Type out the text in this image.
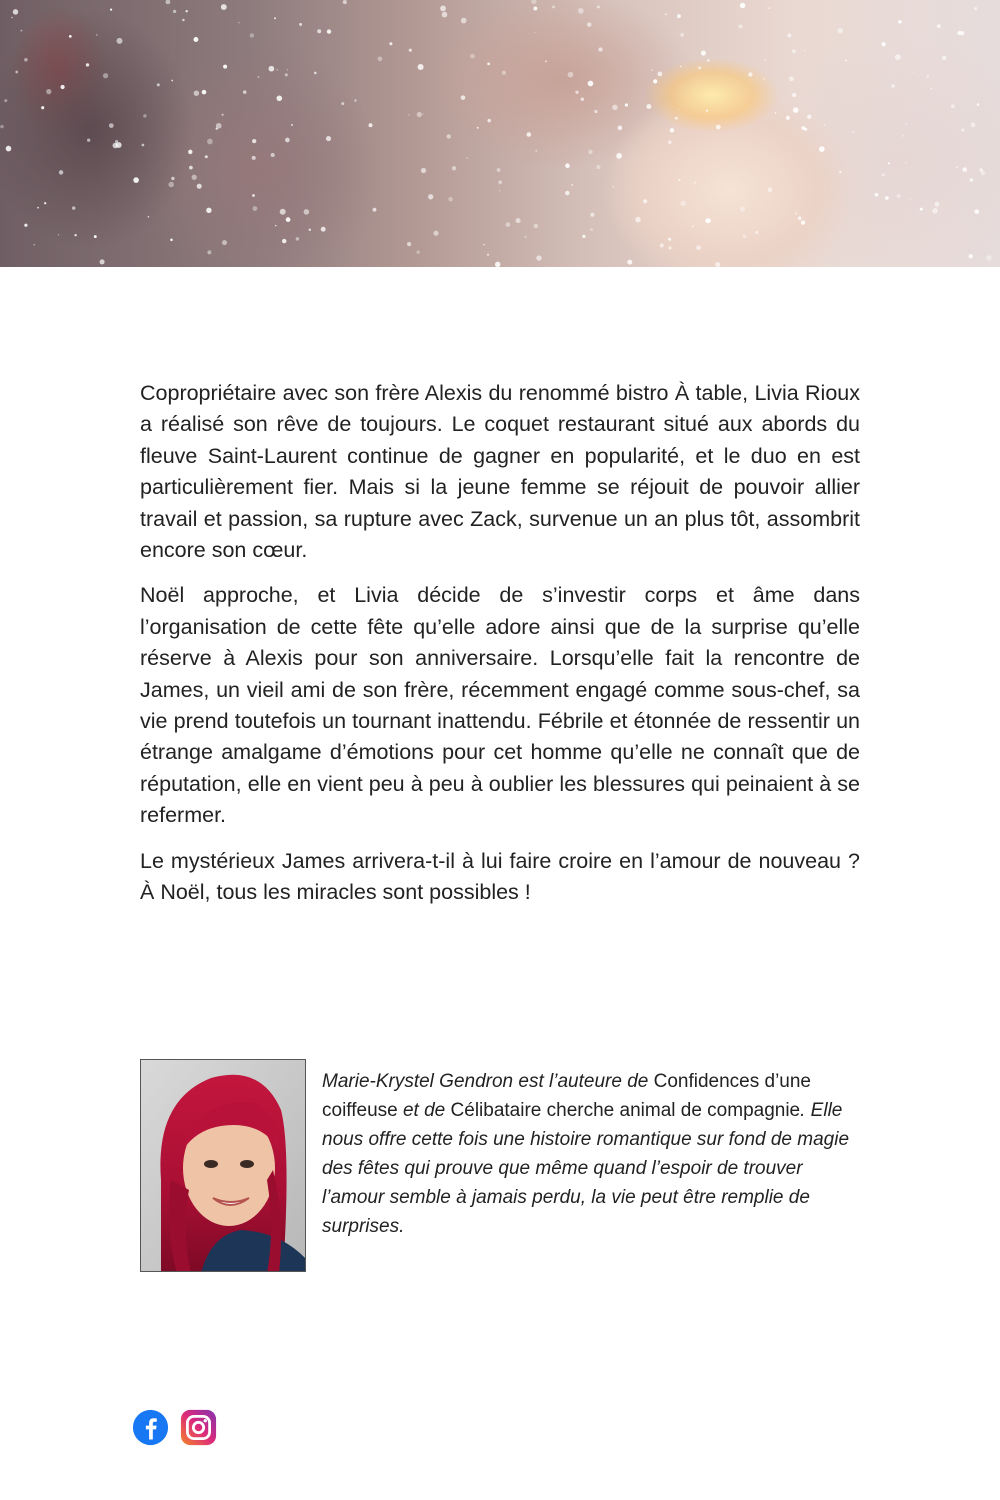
Copropriétaire avec son frère Alexis du renommé bistro À table, Livia Rioux a réalisé son rêve de toujours. Le coquet restaurant situé aux abords du fleuve Saint-Laurent continue de gagner en popularité, et le duo en est particulièrement fier. Mais si la jeune femme se réjouit de pouvoir allier travail et passion, sa rupture avec Zack, survenue un an plus tôt, assombrit encore son cœur.

Noël approche, et Livia décide de s’investir corps et âme dans l’organisation de cette fête qu’elle adore ainsi que de la surprise qu’elle réserve à Alexis pour son anniversaire. Lorsqu’elle fait la rencontre de James, un vieil ami de son frère, récemment engagé comme sous-chef, sa vie prend toutefois un tournant inattendu. Fébrile et étonnée de ressentir un étrange amalgame d’émotions pour cet homme qu’elle ne connaît que de réputation, elle en vient peu à peu à oublier les blessures qui peinaient à se refermer.

Le mystérieux James arrivera-t-il à lui faire croire en l’amour de nouveau ? À Noël, tous les miracles sont possibles !

Marie-Krystel Gendron est l’auteure de Confidences d’une coiffeuse et de Célibataire cherche animal de compagnie. Elle nous offre cette fois une histoire romantique sur fond de magie des fêtes qui prouve que même quand l’espoir de trouver l’amour semble à jamais perdu, la vie peut être remplie de surprises.
